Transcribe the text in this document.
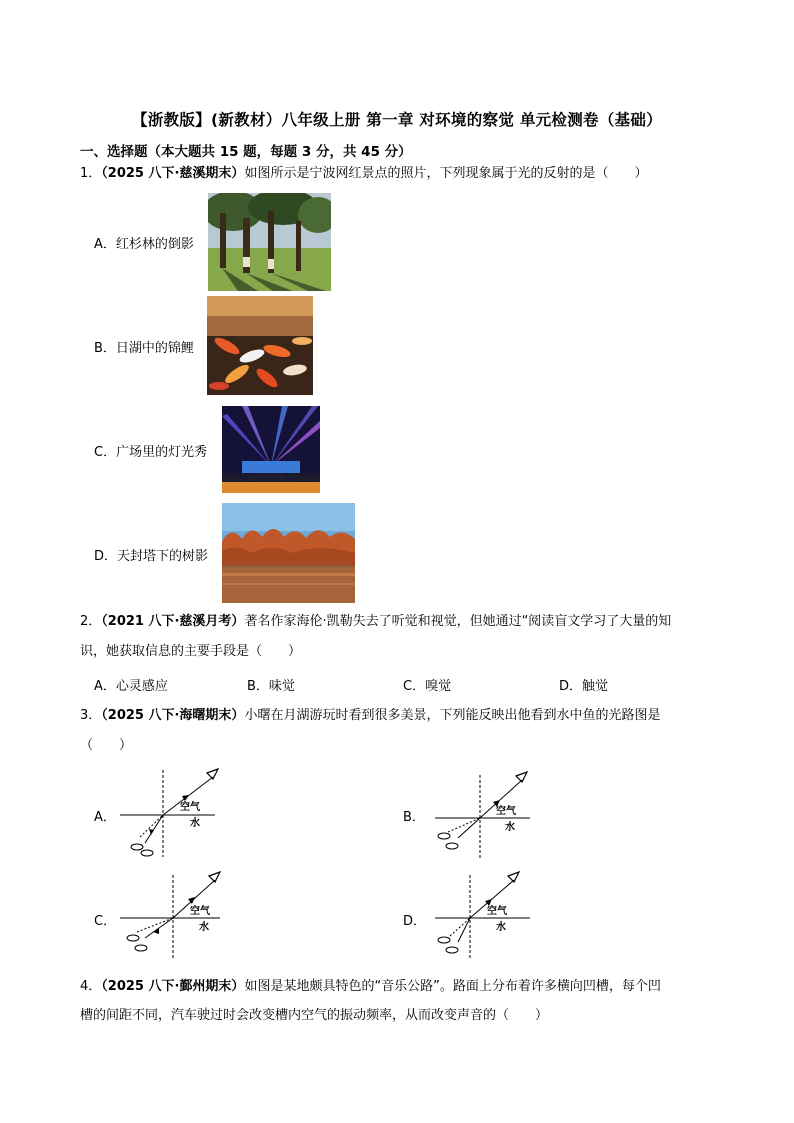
【浙教版】(新教材）八年级上册 第一章 对环境的察觉 单元检测卷（基础）
一、选择题（本大题共 15 题，每题 3 分，共 45 分）
1．（2025 八下·慈溪期末）如图所示是宁波网红景点的照片，下列现象属于光的反射的是（　　）
A．红杉林的倒影
B．日湖中的锦鲤
C．广场里的灯光秀
D．天封塔下的树影
2．（2021 八下·慈溪月考）著名作家海伦·凯勒失去了听觉和视觉，但她通过“阅读盲文学习了大量的知
识，她获取信息的主要手段是（　　）
A．心灵感应	B．味觉	C．嗅觉	D．触觉
3．（2025 八下·海曙期末）小曙在月湖游玩时看到很多美景，下列能反映出他看到水中鱼的光路图是
（　　）
A．
空气
水	B．	空气
水
C．
空气
水	D．
空气
水
4．（2025 八下·鄞州期末）如图是某地颇具特色的“音乐公路”。路面上分布着许多横向凹槽，每个凹
槽的间距不同，汽车驶过时会改变槽内空气的振动频率，从而改变声音的（　　）
